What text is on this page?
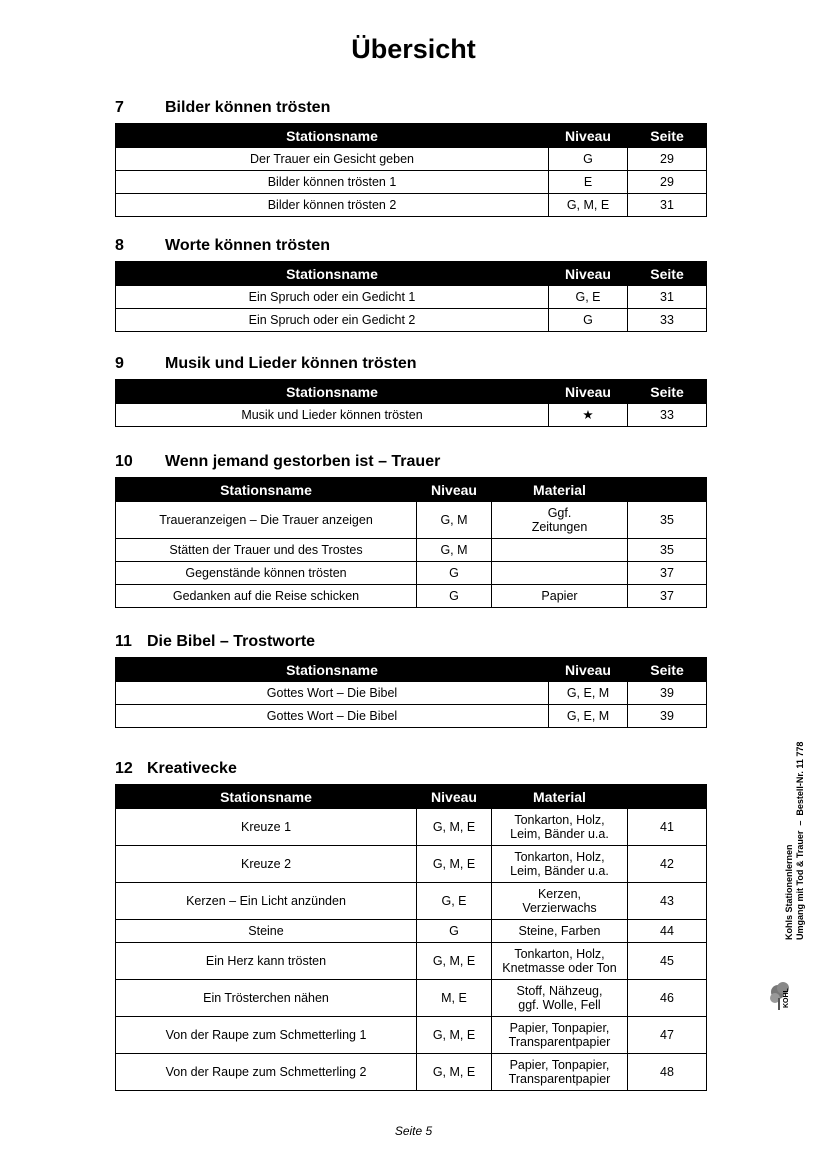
Übersicht
7	Bilder können trösten
Stationsname	Niveau	Seite
Der Trauer ein Gesicht geben	G	29
Bilder können trösten 1	E	29
Bilder können trösten 2	G, M, E	31
8	Worte können trösten
Stationsname	Niveau	Seite
Ein Spruch oder ein Gedicht 1	G, E	31
Ein Spruch oder ein Gedicht 2	G	33
9	Musik und Lieder können trösten
Stationsname	Niveau	Seite
Musik und Lieder können trösten	★	33
10 Wenn jemand gestorben ist – Trauer
Stationsname	Niveau	Material	
Traueranzeigen – Die Trauer anzeigen	G, M	Ggf.
Zeitungen	35
Stätten der Trauer und des Trostes	G, M		35
Gegenstände können trösten	G		37
Gedanken auf die Reise schicken	G	Papier	37
11 Die Bibel – Trostworte
Stationsname	Niveau	Seite
Gottes Wort – Die Bibel	G, E, M	39
Gottes Wort – Die Bibel	G, E, M	39
12 Kreativecke
Stationsname	Niveau	Material	
Kreuze 1	G, M, E	Tonkarton, Holz,
Leim, Bänder u.a.	41
Kreuze 2	G, M, E	Tonkarton, Holz,
Leim, Bänder u.a.	42
Kerzen – Ein Licht anzünden	G, E	Kerzen,
Verzierwachs	43
Steine	G	Steine, Farben	44
Ein Herz kann trösten	G, M, E	Tonkarton, Holz,
Knetmasse oder Ton	45
Ein Trösterchen nähen	M, E	Stoff, Nähzeug,
ggf. Wolle, Fell	46
Von der Raupe zum Schmetterling 1	G, M, E	Papier, Tonpapier,
Transparentpapier	47
Von der Raupe zum Schmetterling 2	G, M, E	Papier, Tonpapier,
Transparentpapier	48
Kohls Stationenlernen Umgang mit Tod & Trauer  –  Bestell-Nr. 11 778
KOHL
Seite 5
